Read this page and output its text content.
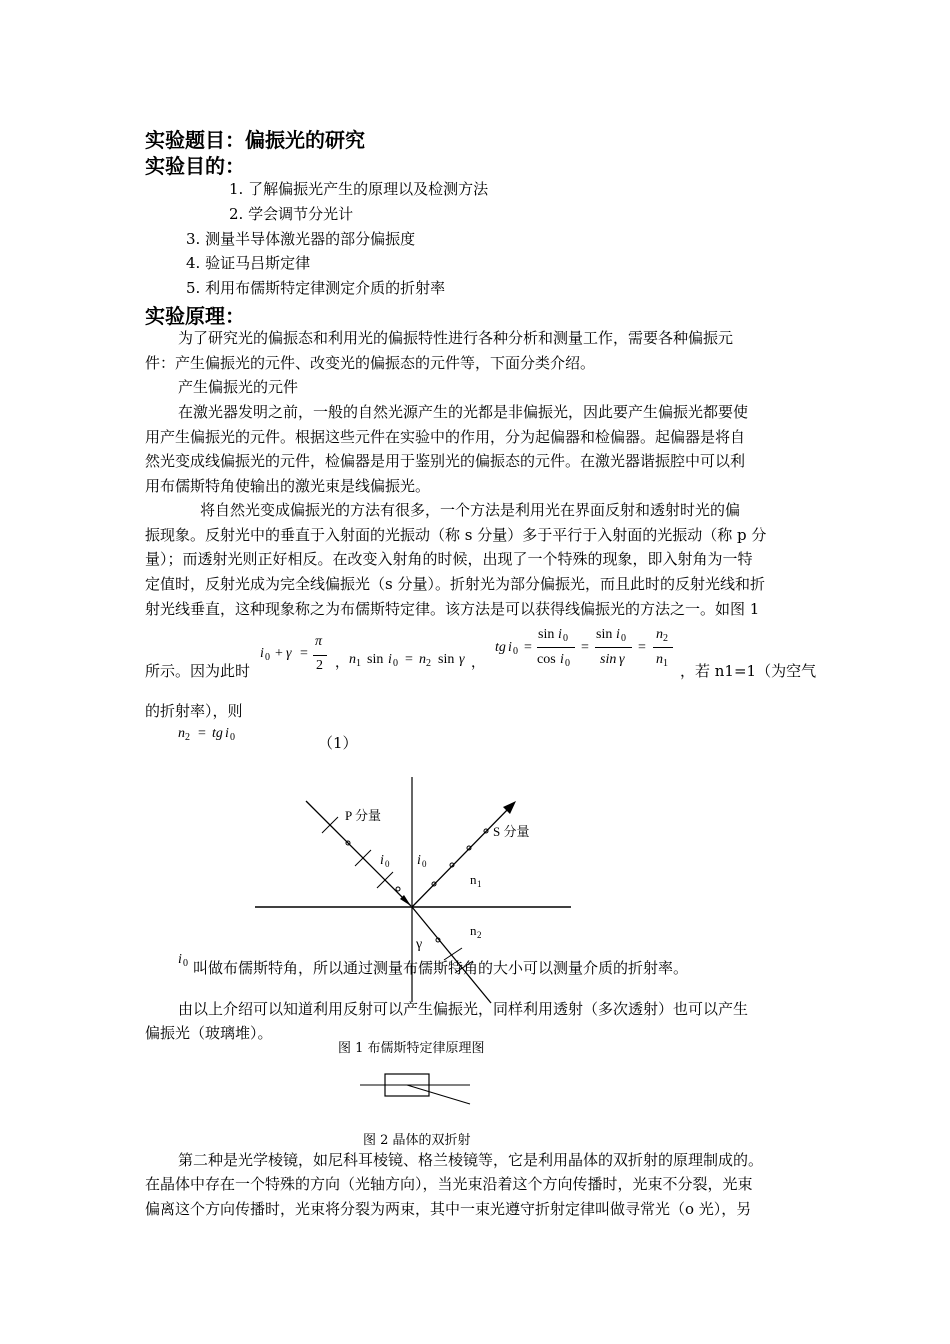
实验题目：偏振光的研究
实验目的：
1. 了解偏振光产生的原理以及检测方法
2. 学会调节分光计
3. 测量半导体激光器的部分偏振度
4. 验证马吕斯定律
5. 利用布儒斯特定律测定介质的折射率
实验原理：
为了研究光的偏振态和利用光的偏振特性进行各种分析和测量工作，需要各种偏振元
件：产生偏振光的元件、改变光的偏振态的元件等，下面分类介绍。
产生偏振光的元件
在激光器发明之前，一般的自然光源产生的光都是非偏振光，因此要产生偏振光都要使
用产生偏振光的元件。根据这些元件在实验中的作用，分为起偏器和检偏器。起偏器是将自
然光变成线偏振光的元件，检偏器是用于鉴别光的偏振态的元件。在激光器谐振腔中可以利
用布儒斯特角使输出的激光束是线偏振光。
将自然光变成偏振光的方法有很多，一个方法是利用光在界面反射和透射时光的偏
振现象。反射光中的垂直于入射面的光振动（称 s 分量）多于平行于入射面的光振动（称 p 分
量）；而透射光则正好相反。在改变入射角的时候，出现了一个特殊的现象，即入射角为一特
定值时，反射光成为完全线偏振光（s 分量）。折射光为部分偏振光，而且此时的反射光线和折
射光线垂直，这种现象称之为布儒斯特定律。该方法是可以获得线偏振光的方法之一。如图 1
所示。因为此时
i 0 + γ =
π
2 ， n 1 sin i 0 = n 2 sin γ ，
tg i 0 =
sin i 0
cos i 0
=
sin i 0
sin γ
=
n 2
n 1 ，若 n1=1（为空气
的折射率），则
n 2 = tg i 0	（1）
P 分量
S 分量
i 0 i 0
n 1
n 2
γ
i 0 叫做布儒斯特角，所以通过测量布儒斯特角的大小可以测量介质的折射率。
由以上介绍可以知道利用反射可以产生偏振光，同样利用透射（多次透射）也可以产生
偏振光（玻璃堆）。
图 1 布儒斯特定律原理图
图 2 晶体的双折射
第二种是光学棱镜，如尼科耳棱镜、格兰棱镜等，它是利用晶体的双折射的原理制成的。
在晶体中存在一个特殊的方向（光轴方向），当光束沿着这个方向传播时，光束不分裂，光束
偏离这个方向传播时，光束将分裂为两束，其中一束光遵守折射定律叫做寻常光（o 光），另
